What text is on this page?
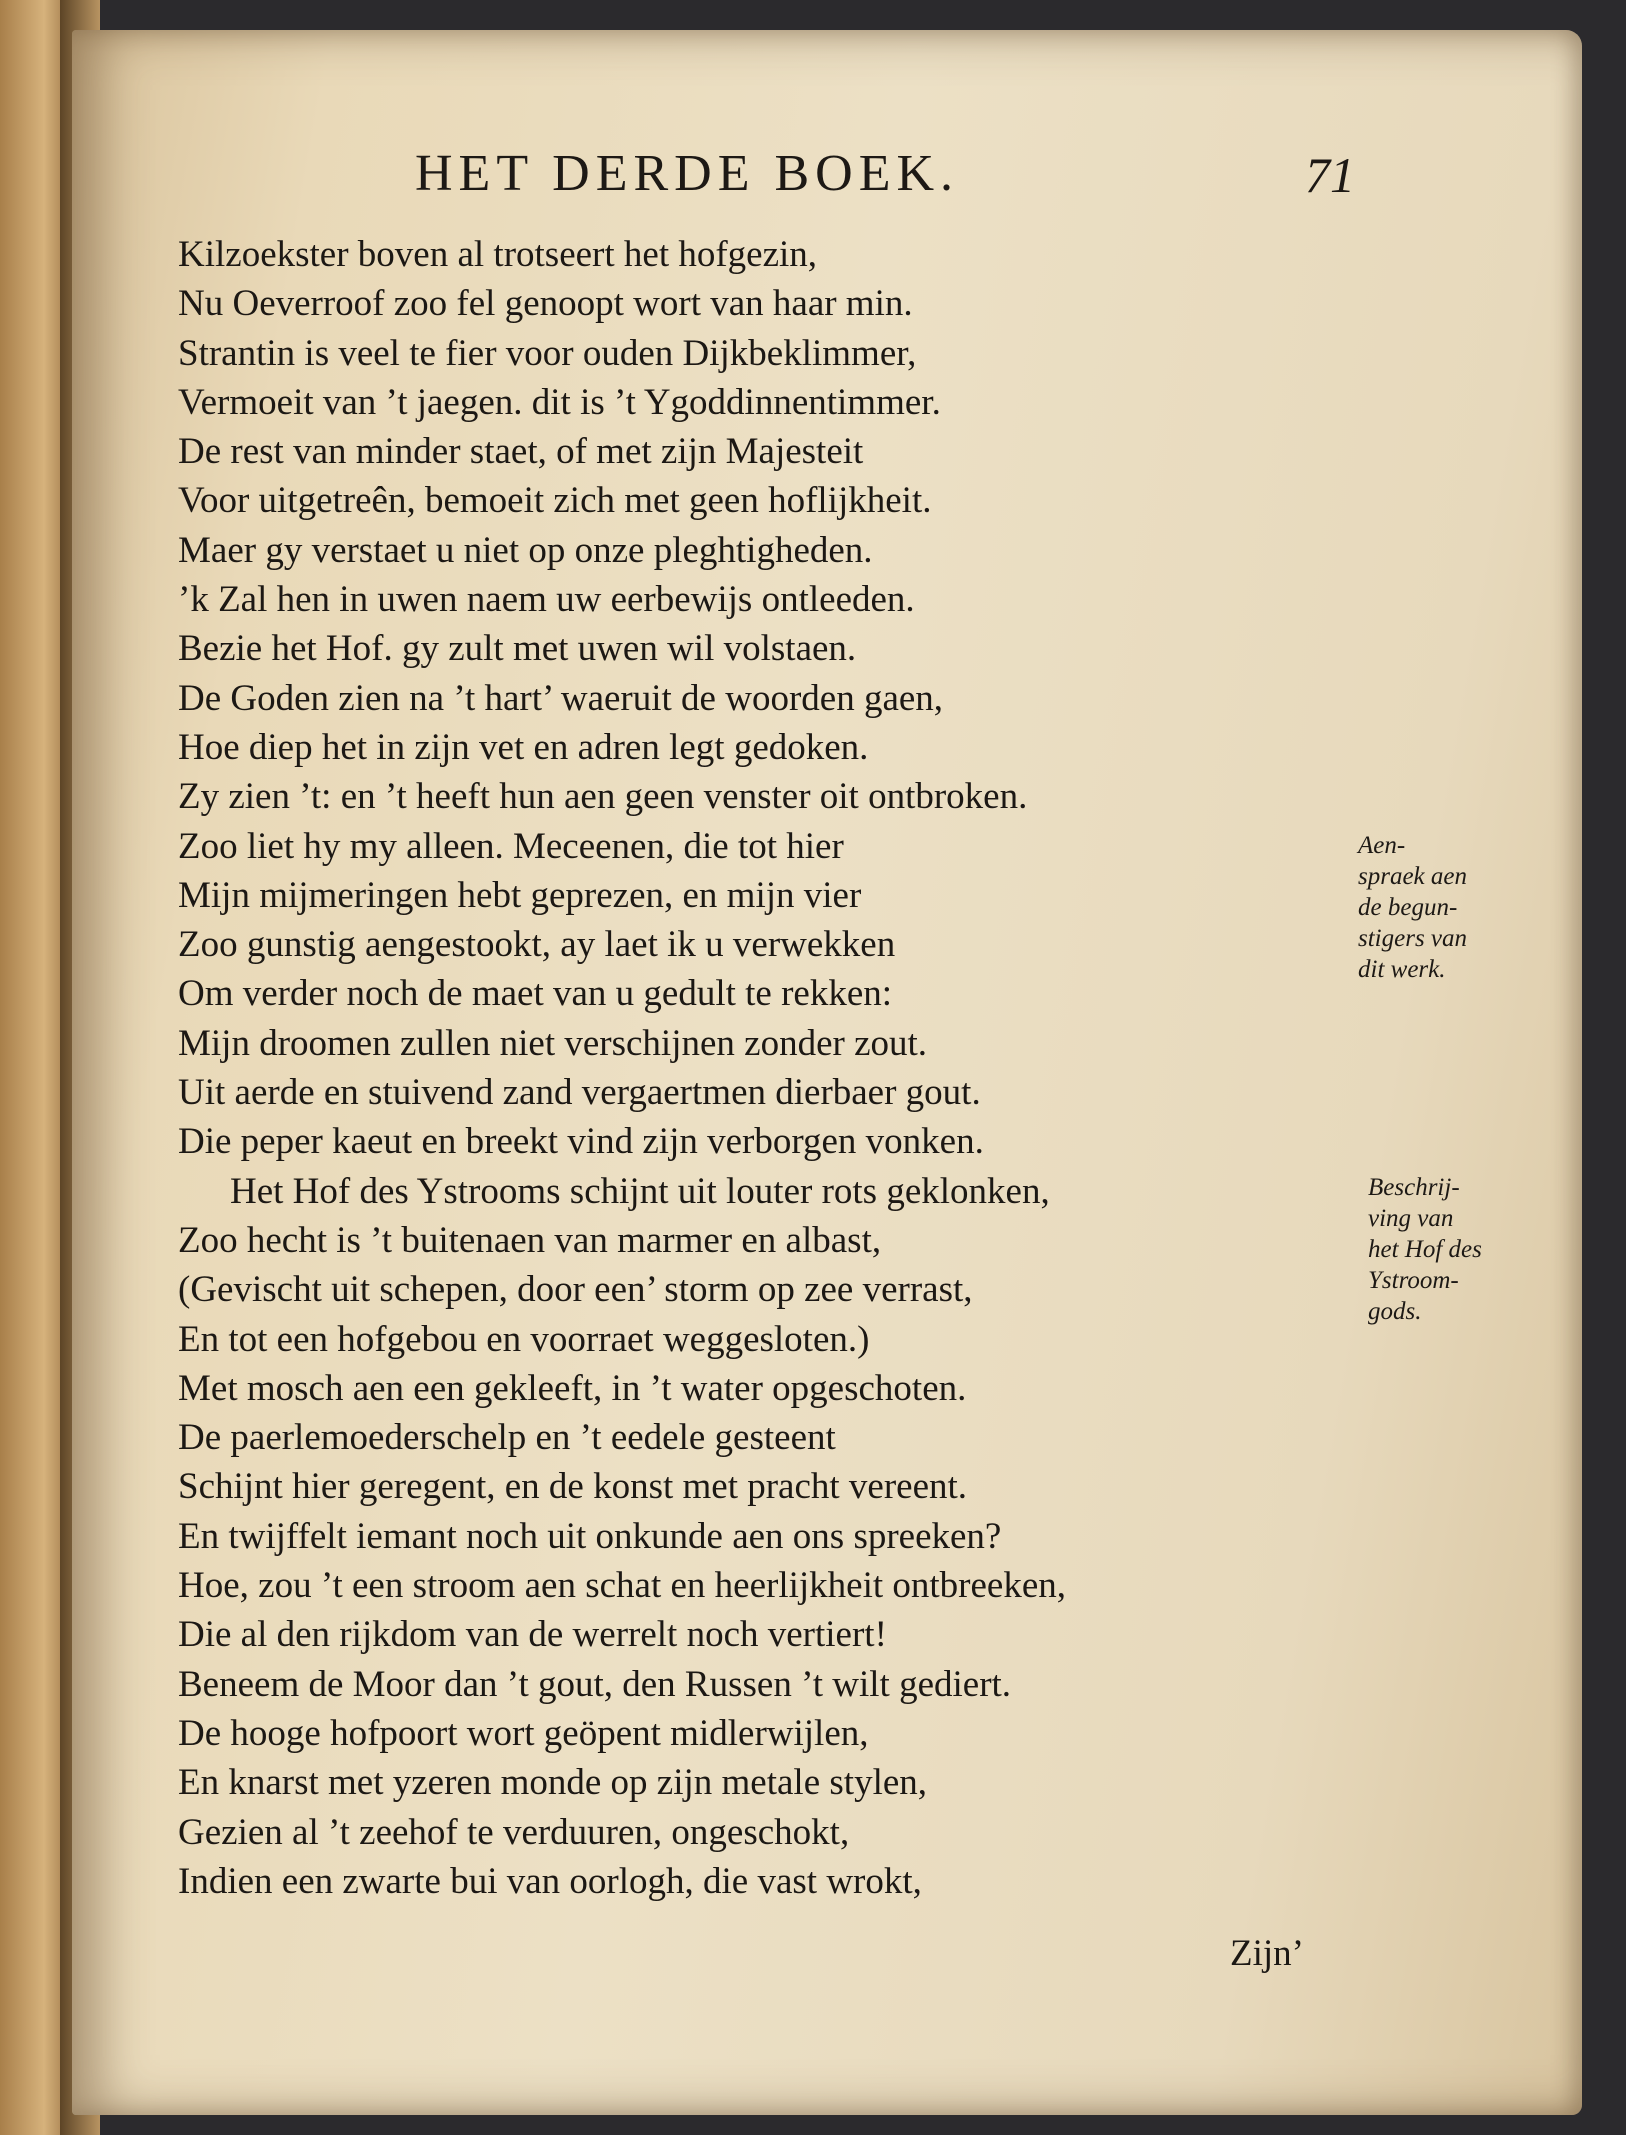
HET DERDE BOEK.	71
Kilzoekster boven al trotseert het hofgezin,
Nu Oeverroof zoo fel genoopt wort van haar min.
Strantin is veel te fier voor ouden Dijkbeklimmer,
Vermoeit van ’t jaegen. dit is ’t Ygoddinnentimmer.
De rest van minder staet, of met zijn Majesteit
Voor uitgetreên, bemoeit zich met geen hoflijkheit.
Maer gy verstaet u niet op onze pleghtigheden.
’k Zal hen in uwen naem uw eerbewijs ontleeden.
Bezie het Hof. gy zult met uwen wil volstaen.
De Goden zien na ’t hart’ waeruit de woorden gaen,
Hoe diep het in zijn vet en adren legt gedoken.
Zy zien ’t: en ’t heeft hun aen geen venster oit ontbroken.
Zoo liet hy my alleen. Meceenen, die tot hier
Mijn mijmeringen hebt geprezen, en mijn vier
Zoo gunstig aengestookt, ay laet ik u verwekken
Om verder noch de maet van u gedult te rekken:
Mijn droomen zullen niet verschijnen zonder zout.
Uit aerde en stuivend zand vergaertmen dierbaer gout.
Die peper kaeut en breekt vind zijn verborgen vonken.
Het Hof des Ystrooms schijnt uit louter rots geklonken,
Zoo hecht is ’t buitenaen van marmer en albast,
(Gevischt uit schepen, door een’ storm op zee verrast,
En tot een hofgebou en voorraet weggesloten.)
Met mosch aen een gekleeft, in ’t water opgeschoten.
De paerlemoederschelp en ’t eedele gesteent
Schijnt hier geregent, en de konst met pracht vereent.
En twijffelt iemant noch uit onkunde aen ons spreeken?
Hoe, zou ’t een stroom aen schat en heerlijkheit ontbreeken,
Die al den rijkdom van de werrelt noch vertiert!
Beneem de Moor dan ’t gout, den Russen ’t wilt gediert.
De hooge hofpoort wort geöpent midlerwijlen,
En knarst met yzeren monde op zijn metale stylen,
Gezien al ’t zeehof te verduuren, ongeschokt,
Indien een zwarte bui van oorlogh, die vast wrokt,
Aen-
spraek aen
de begun-
stigers van
dit werk.
Beschrij-
ving van
het Hof des
Ystroom-
gods.
Zijn’
